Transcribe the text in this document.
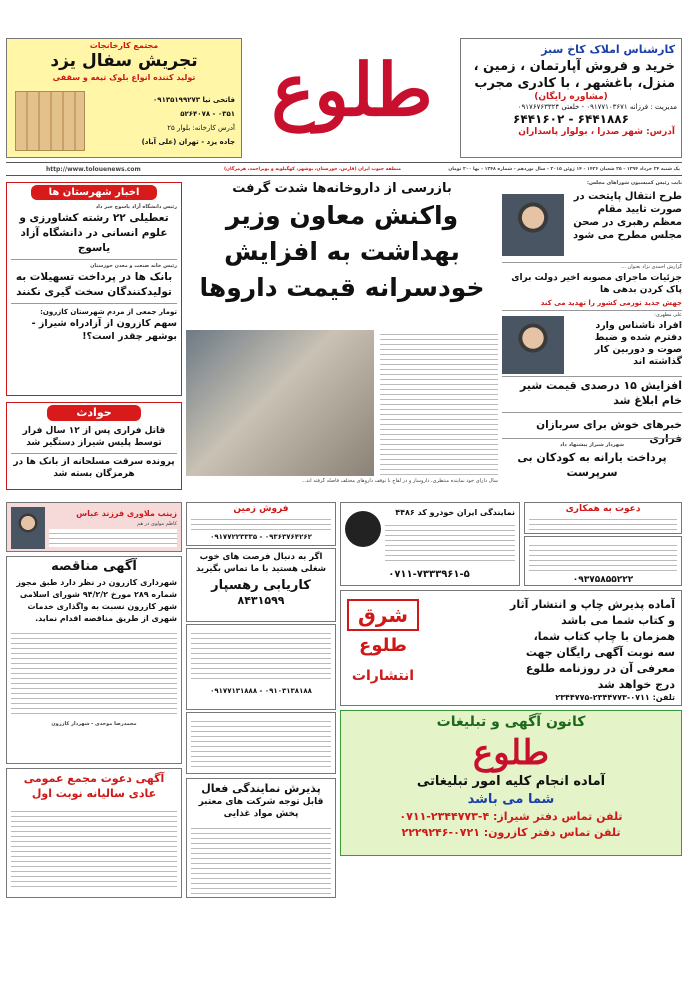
کارشناس املاک کاخ سبز
خرید و فروش آپارتمان ، زمین ،
منزل، باغشهر ، با کادری مجرب
(مشاوره رایگان)
مدیریت : فرزانه ۰۹۱۷۷۱۰۳۶۷۱ - خلعتی ۰۹۱۷۶۷۶۳۳۲۴
۶۴۴۱۸۸۶ - ۶۴۴۱۶۰۲
آدرس: شهر صدرا ، بولوار پاسداران
طلوع
مجتمع کارخانجات
تجریش سفال یزد
تولید کننده انواع بلوک تیغه و سقفی
فاتحی نیا ۰۹۱۳۵۱۹۹۲۷۳
۰۳۵۱ - ۵۲۶۴۰۷۸
آدرس کارخانه: بلوار ۲۵
جاده یزد - تهران (علی آباد)
یک شنبه ۲۴ خرداد ۱۳۹۴ - ۲۵ شعبان ۱۴۳۶ - ۱۴ ژوئن ۲۰۱۵ - سال نوزدهم - شماره ۱۳۴۸ - بها ۲۰۰ تومان
منطقه جنوب ایران (فارس، خوزستان، بوشهر، کهگیلویه و بویراحمد، هرمزگان)
http://www.tolouenews.com
نایب رئیس کمیسیون شوراهای مجلس:
طرح انتقال پایتخت در صورت تایید مقام معظم رهبری در صحن مجلس مطرح می شود
گزارش احمدی نژاد بعنوان ...
جزئیات ماجرای مصوبه اخیر دولت برای پاک کردن بدهی ها
جهش جدید تورمی کشور را تهدید می کند
علی مطهری:
افراد ناشناس وارد دفترم شده و ضبط صوت و دوربین کار گذاشته اند
افزایش ۱۵ درصدی قیمت شیر خام ابلاغ شد
خبرهای خوش برای سربازان فراری
شهردار شیراز پیشنهاد داد
پرداخت یارانه به کودکان بی سرپرست
بازرسی از داروخانه‌ها شدت گرفت
واکنش معاون وزیر
بهداشت به افزایش
خودسرانه قیمت داروها
سال دارای خود نماینده منتظری، داروساز و در لقاح با توقف داروهای مختلف فاصله گرفته اند...
اخبار شهرستان ها
رئیس دانشگاه آزاد یاسوج خبر داد
تعطیلی ۲۲ رشته کشاورزی و علوم انسانی در دانشگاه آزاد یاسوج
رئیس خانه صنعت و معدن خوزستان
بانک ها در پرداخت تسهیلات به تولیدکنندگان سخت گیری نکنند
تومار جمعی از مردم شهرستان کازرون:
سهم کازرون از آزادراه شیراز - بوشهر چقدر است؟!
حوادث
قاتل فراری پس از ۱۲ سال فرار توسط پلیس شیراز دستگیر شد
پرونده سرقت مسلحانه از بانک ها در هرمزگان بسته شد
دعوت به همکاری
۰۹۳۷۵۸۵۵۲۲۲
نمایندگی ایران خودرو کد ۴۴۸۶
۰۷۱۱-۷۳۳۳۹۶۱-۵
آماده پذیرش چاپ و انتشار آثار
و کتاب شما می باشد
همزمان با چاپ کتاب شما،
سه نوبت آگهی رایگان جهت
معرفی آن در روزنامه طلوع
درج خواهد شد
تلفن: ۰۷۱۱-۲۳۴۴۷۷۳-۲۳۴۴۷۷۵
شرق
طلوع
انتشارات
کانون آگهی و تبلیغات
طلوع
آماده انجام کلیه امور تبلیغاتی
شما می باشد
تلفن تماس دفتر شیراز: ۴-۲۳۴۴۷۷۳-۰۷۱۱
تلفن تماس دفتر کازرون: ۰۷۲۱-۲۲۲۹۲۴۶
فروش زمین
۰۹۳۶۳۷۶۴۲۶۲ - ۰۹۱۷۷۲۲۳۳۳۵
اگر به دنبال فرصت های خوب شغلی هستید با ما تماس بگیرید
کاریابی رهسپار
۸۴۳۱۵۹۹
۰۹۱۰۳۱۳۸۱۸۸ - ۰۹۱۷۷۱۳۱۸۸۸
پذیرش نمایندگی فعال
قابل توجه شرکت های معتبر پخش مواد غذایی
زینب ملاوری فرزند عباس
کاظم مولوی در هم
آگهی مناقصه
شهرداری کازرون در نظر دارد طبق مجوز شماره ۲۸۹ مورخ ۹۴/۲/۲ شورای اسلامی شهر کازرون نسبت به واگذاری خدمات شهری از طریق مناقصه اقدام نماید.
محمدرضا موحدی - شهردار کازرون
آگهی دعوت مجمع عمومی عادی سالیانه نوبت اول
